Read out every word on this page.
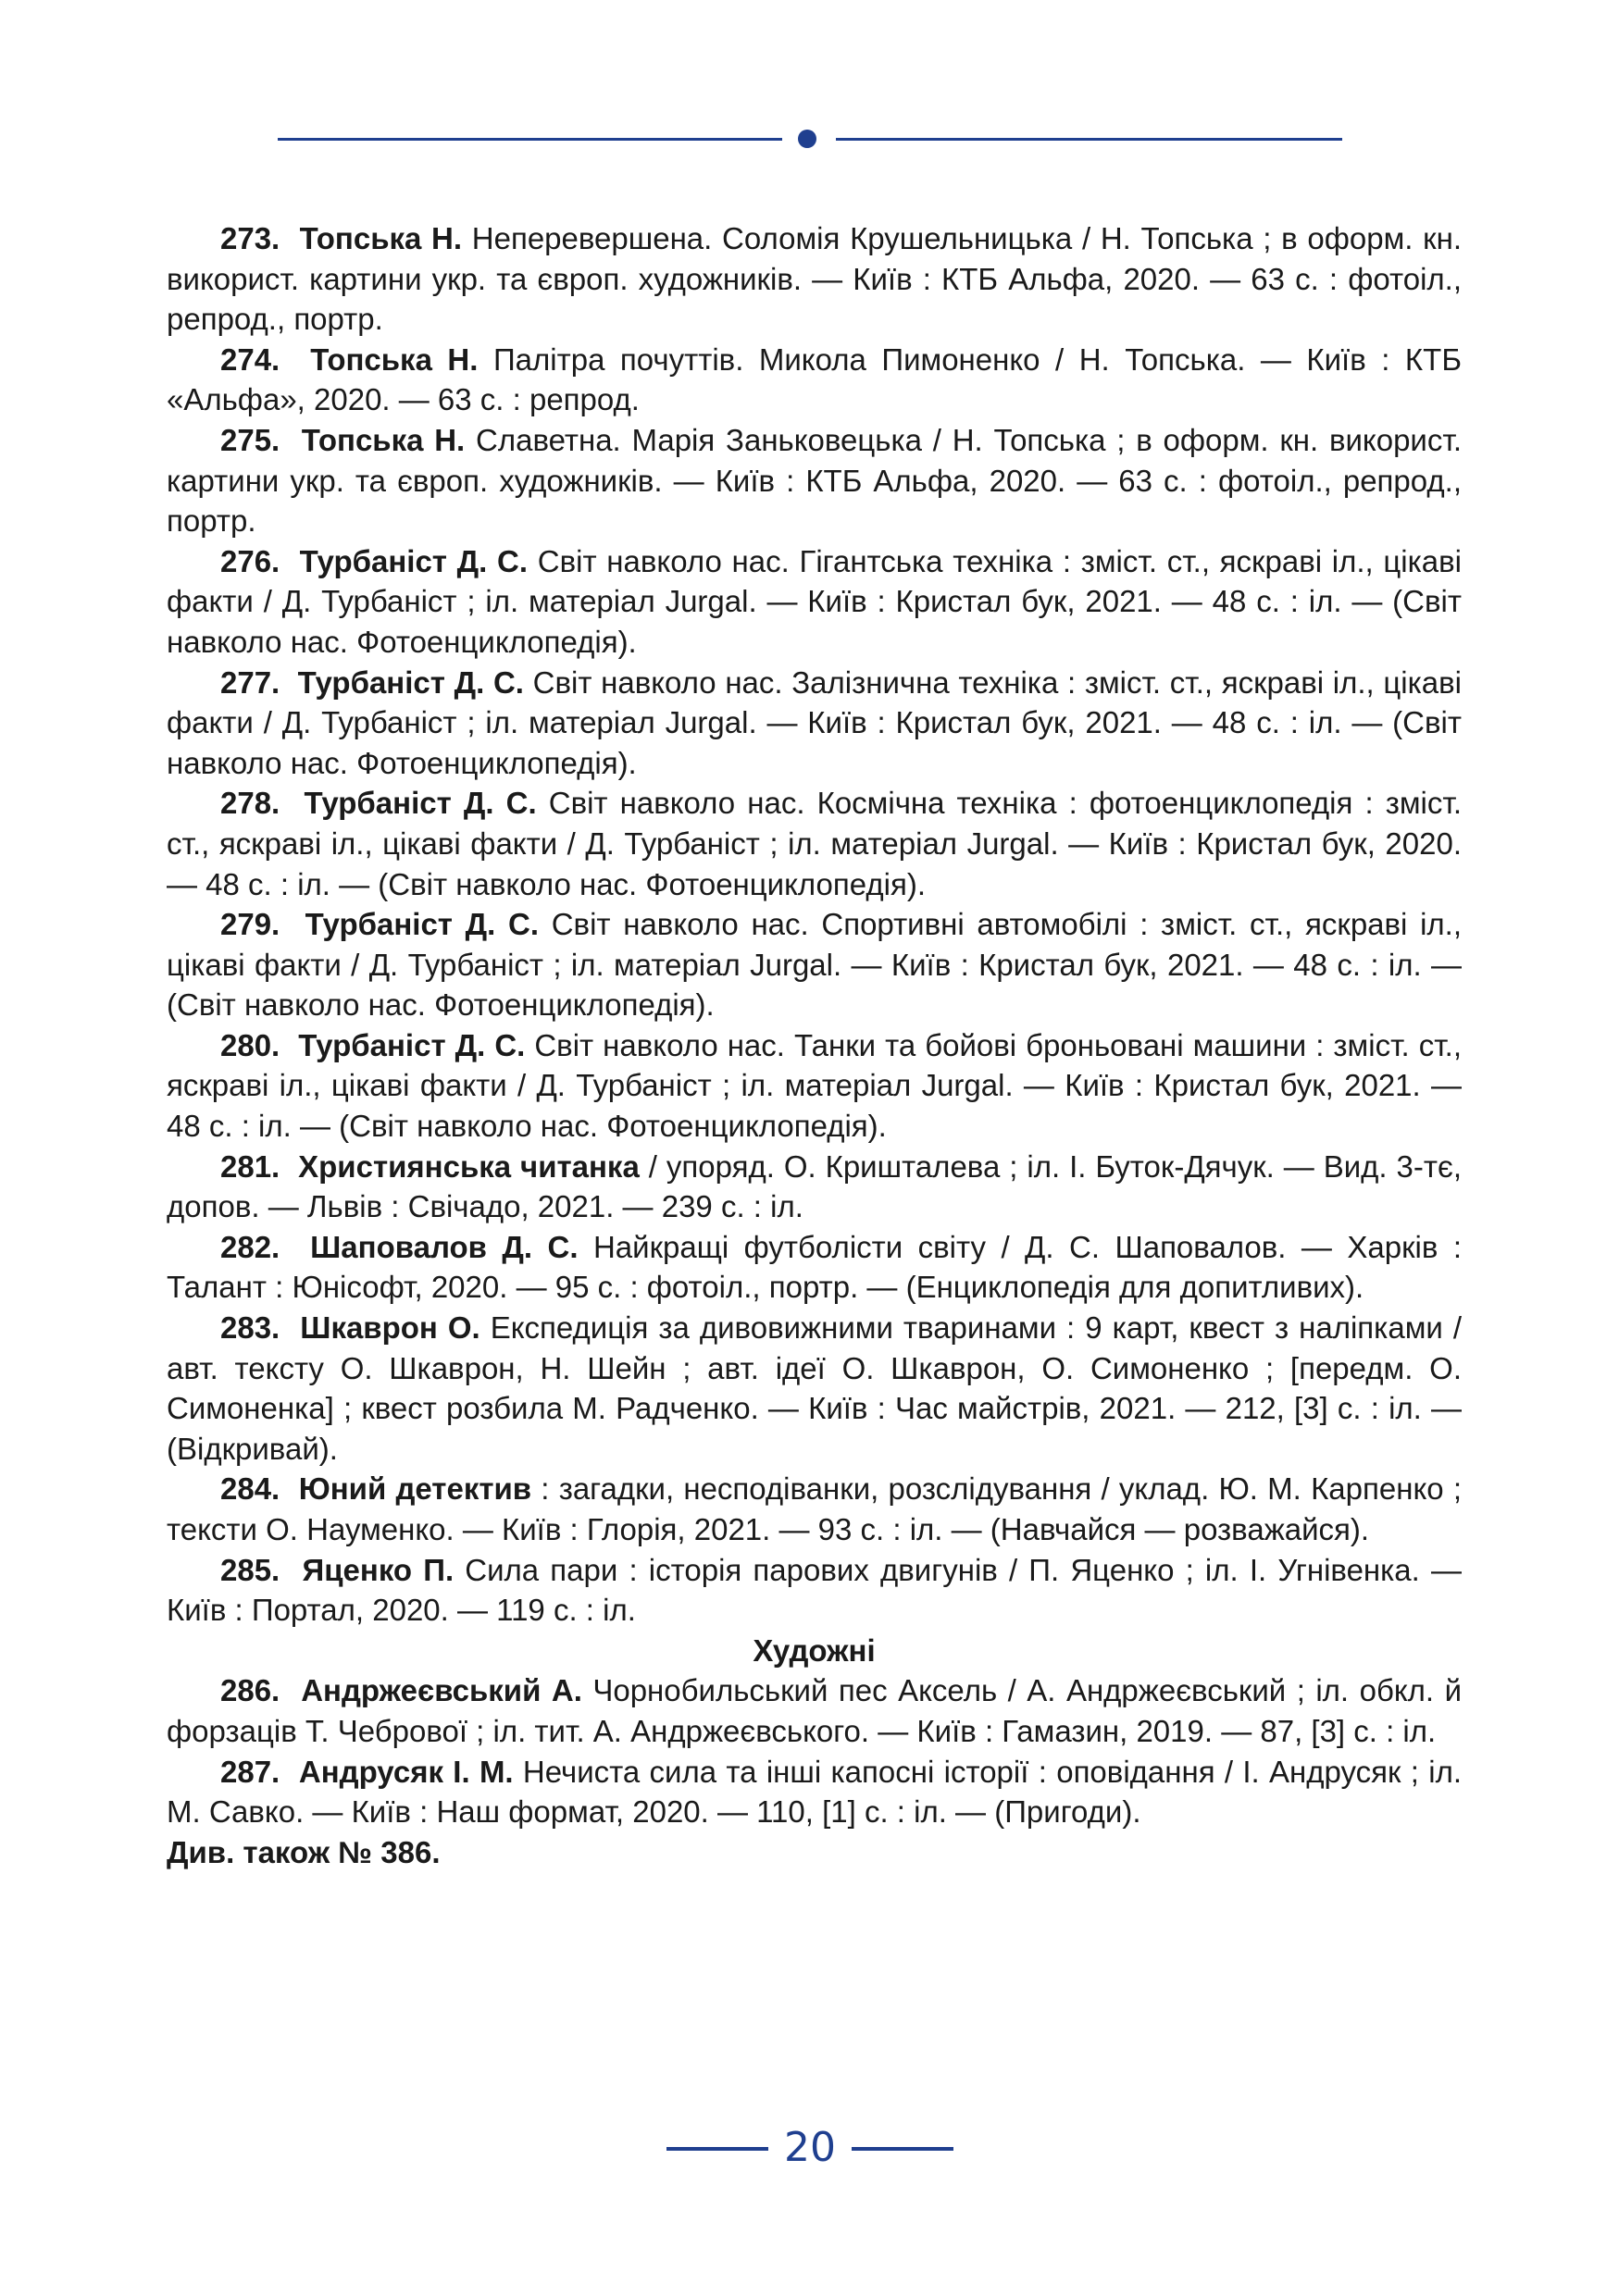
273. Топська Н. Неперевершена. Соломія Крушельницька / Н. Топська ; в оформ. кн. використ. картини укр. та європ. художників. — Київ : КТБ Альфа, 2020. — 63 с. : фотоіл., репрод., портр.

274. Топська Н. Палітра почуттів. Микола Пимоненко / Н. Топська. — Київ : КТБ «Альфа», 2020. — 63 с. : репрод.

275. Топська Н. Славетна. Марія Заньковецька / Н. Топська ; в оформ. кн. використ. картини укр. та європ. художників. — Київ : КТБ Альфа, 2020. — 63 с. : фотоіл., репрод., портр.

276. Турбаніст Д. С. Світ навколо нас. Гігантська техніка : зміст. ст., яскраві іл., цікаві факти / Д. Турбаніст ; іл. матеріал Jurgal. — Київ : Кристал бук, 2021. — 48 с. : іл. — (Світ навколо нас. Фотоенциклопедія).

277. Турбаніст Д. С. Світ навколо нас. Залізнична техніка : зміст. ст., яскраві іл., цікаві факти / Д. Турбаніст ; іл. матеріал Jurgal. — Київ : Кристал бук, 2021. — 48 с. : іл. — (Світ навколо нас. Фотоенциклопедія).

278. Турбаніст Д. С. Світ навколо нас. Космічна техніка : фотоенциклопедія : зміст. ст., яскраві іл., цікаві факти / Д. Турбаніст ; іл. матеріал Jurgal. — Київ : Кристал бук, 2020. — 48 с. : іл. — (Світ навколо нас. Фотоенциклопедія).

279. Турбаніст Д. С. Світ навколо нас. Спортивні автомобілі : зміст. ст., яскраві іл., цікаві факти / Д. Турбаніст ; іл. матеріал Jurgal. — Київ : Кристал бук, 2021. — 48 с. : іл. — (Світ навколо нас. Фотоенциклопедія).

280. Турбаніст Д. С. Світ навколо нас. Танки та бойові броньовані машини : зміст. ст., яскраві іл., цікаві факти / Д. Турбаніст ; іл. матеріал Jurgal. — Київ : Кристал бук, 2021. — 48 с. : іл. — (Світ навколо нас. Фотоенциклопедія).

281. Християнська читанка / упоряд. О. Кришталева ; іл. І. Буток-Дячук. — Вид. 3-тє, допов. — Львів : Свічадо, 2021. — 239 с. : іл.

282. Шаповалов Д. С. Найкращі футболісти світу / Д. С. Шаповалов. — Харків : Талант : Юнісофт, 2020. — 95 с. : фотоіл., портр. — (Енциклопедія для допитливих).

283. Шкаврон О. Експедиція за дивовижними тваринами : 9 карт, квест з наліпками / авт. тексту О. Шкаврон, Н. Шейн ; авт. ідеї О. Шкаврон, О. Симоненко ; [передм. О. Симоненка] ; квест розбила М. Радченко. — Київ : Час майстрів, 2021. — 212, [3] с. : іл. — (Відкривай).

284. Юний детектив : загадки, несподіванки, розслідування / уклад. Ю. М. Карпенко ; тексти О. Науменко. — Київ : Глорія, 2021. — 93 с. : іл. — (Навчайся — розважайся).

285. Яценко П. Сила пари : історія парових двигунів / П. Яценко ; іл. І. Угнівенка. — Київ : Портал, 2020. — 119 с. : іл.

Художні

286. Андржеєвський А. Чорнобильський пес Аксель / А. Андржеєвський ; іл. обкл. й форзаців Т. Чебрової ; іл. тит. А. Андржеєвського. — Київ : Гамазин, 2019. — 87, [3] с. : іл.

287. Андрусяк І. М. Нечиста сила та інші капосні історії : оповідання / І. Андрусяк ; іл. М. Савко. — Київ : Наш формат, 2020. — 110, [1] с. : іл. — (Пригоди).

Див. також № 386.

20
